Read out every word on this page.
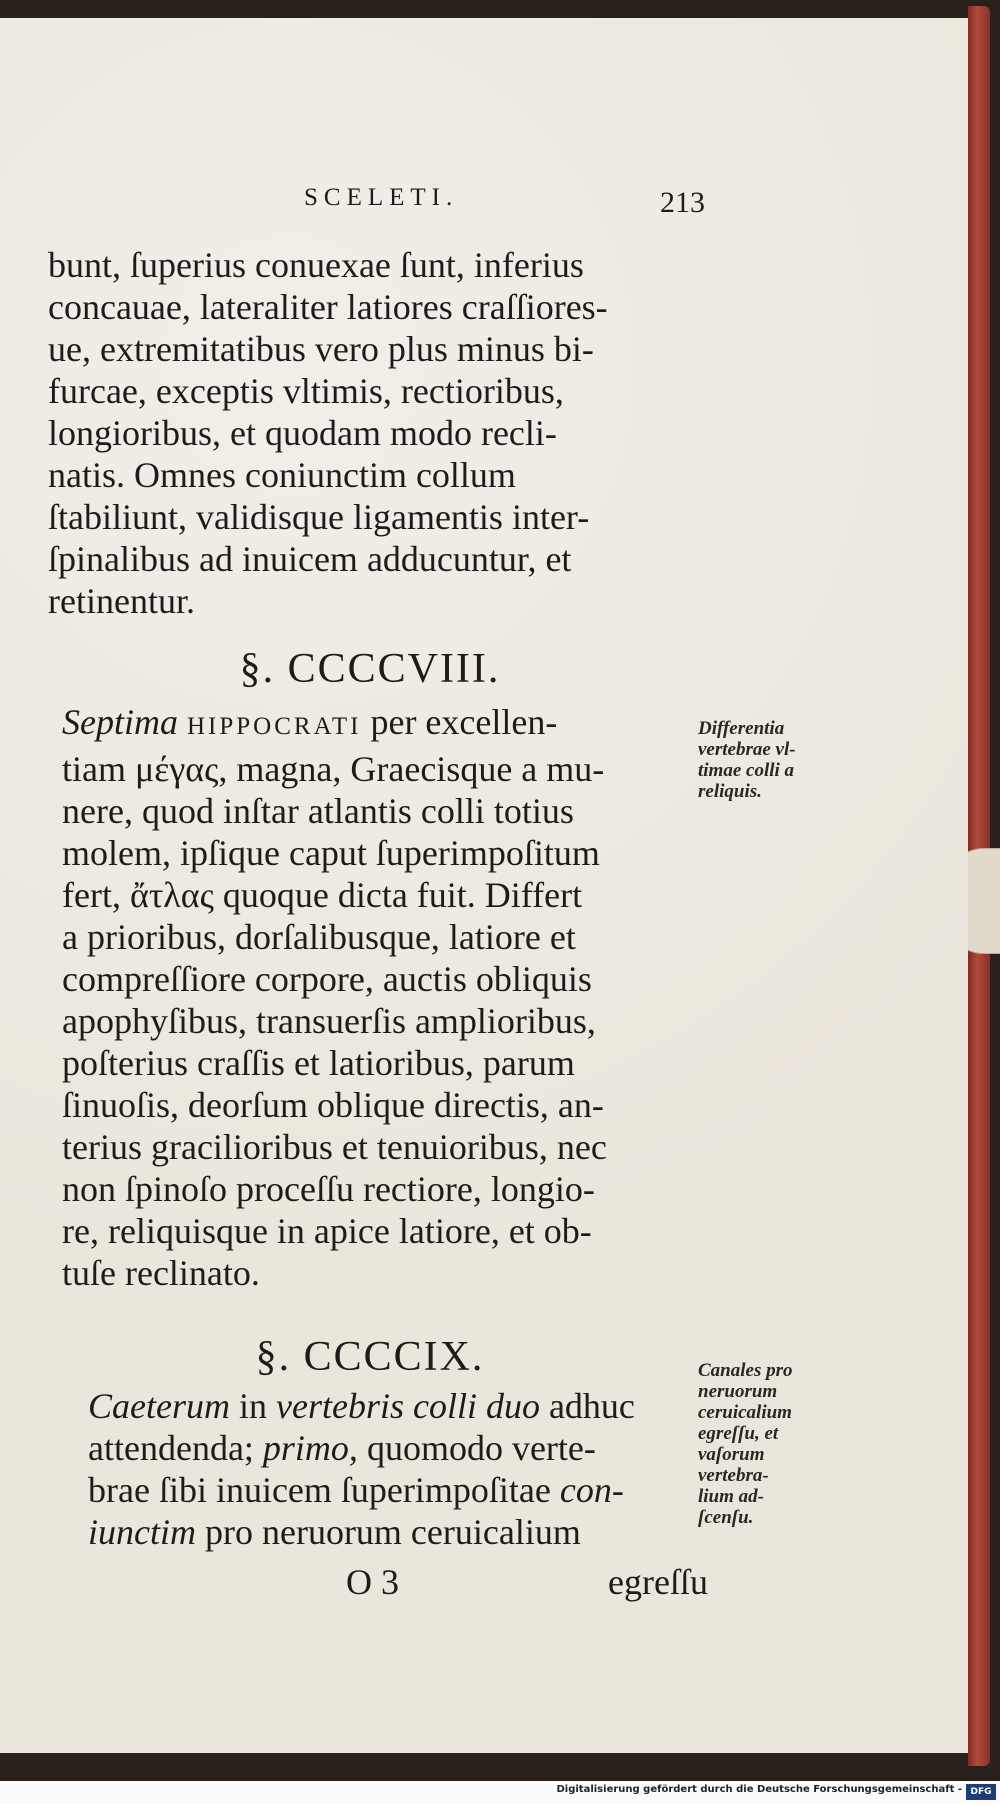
SCELETI.	213
bunt, ſuperius conuexae ſunt, inferius
concauae, lateraliter latiores craſſiores-
ue, extremitatibus vero plus minus bi-
furcae, exceptis vltimis, rectioribus,
longioribus, et quodam modo recli-
natis. Omnes coniunctim collum
ſtabiliunt, validisque ligamentis inter-
ſpinalibus ad inuicem adducuntur, et
retinentur.
§. CCCCVIII.
Septima HIPPOCRATI per excellen-
tiam μέγας, magna, Graecisque a mu-
nere, quod inſtar atlantis colli totius
molem, ipſique caput ſuperimpoſitum
fert, ἄτλας quoque dicta fuit. Differt
a prioribus, dorſalibusque, latiore et
compreſſiore corpore, auctis obliquis
apophyſibus, transuerſis amplioribus,
poſterius craſſis et latioribus, parum
ſinuoſis, deorſum oblique directis, an-
terius gracilioribus et tenuioribus, nec
non ſpinoſo proceſſu rectiore, longio-
re, reliquisque in apice latiore, et ob-
tuſe reclinato.
Differentia
vertebrae vl-
timae colli a
reliquis.
§. CCCCIX.
Caeterum in vertebris colli duo adhuc
attendenda; primo, quomodo verte-
brae ſibi inuicem ſuperimpoſitae con-
iunctim pro neruorum ceruicalium
Canales pro
neruorum
ceruicalium
egreſſu, et
vaſorum
vertebra-
lium ad-
ſcenſu.
O 3	egreſſu
Digitalisierung gefördert durch die Deutsche Forschungsgemeinschaft - DFG
